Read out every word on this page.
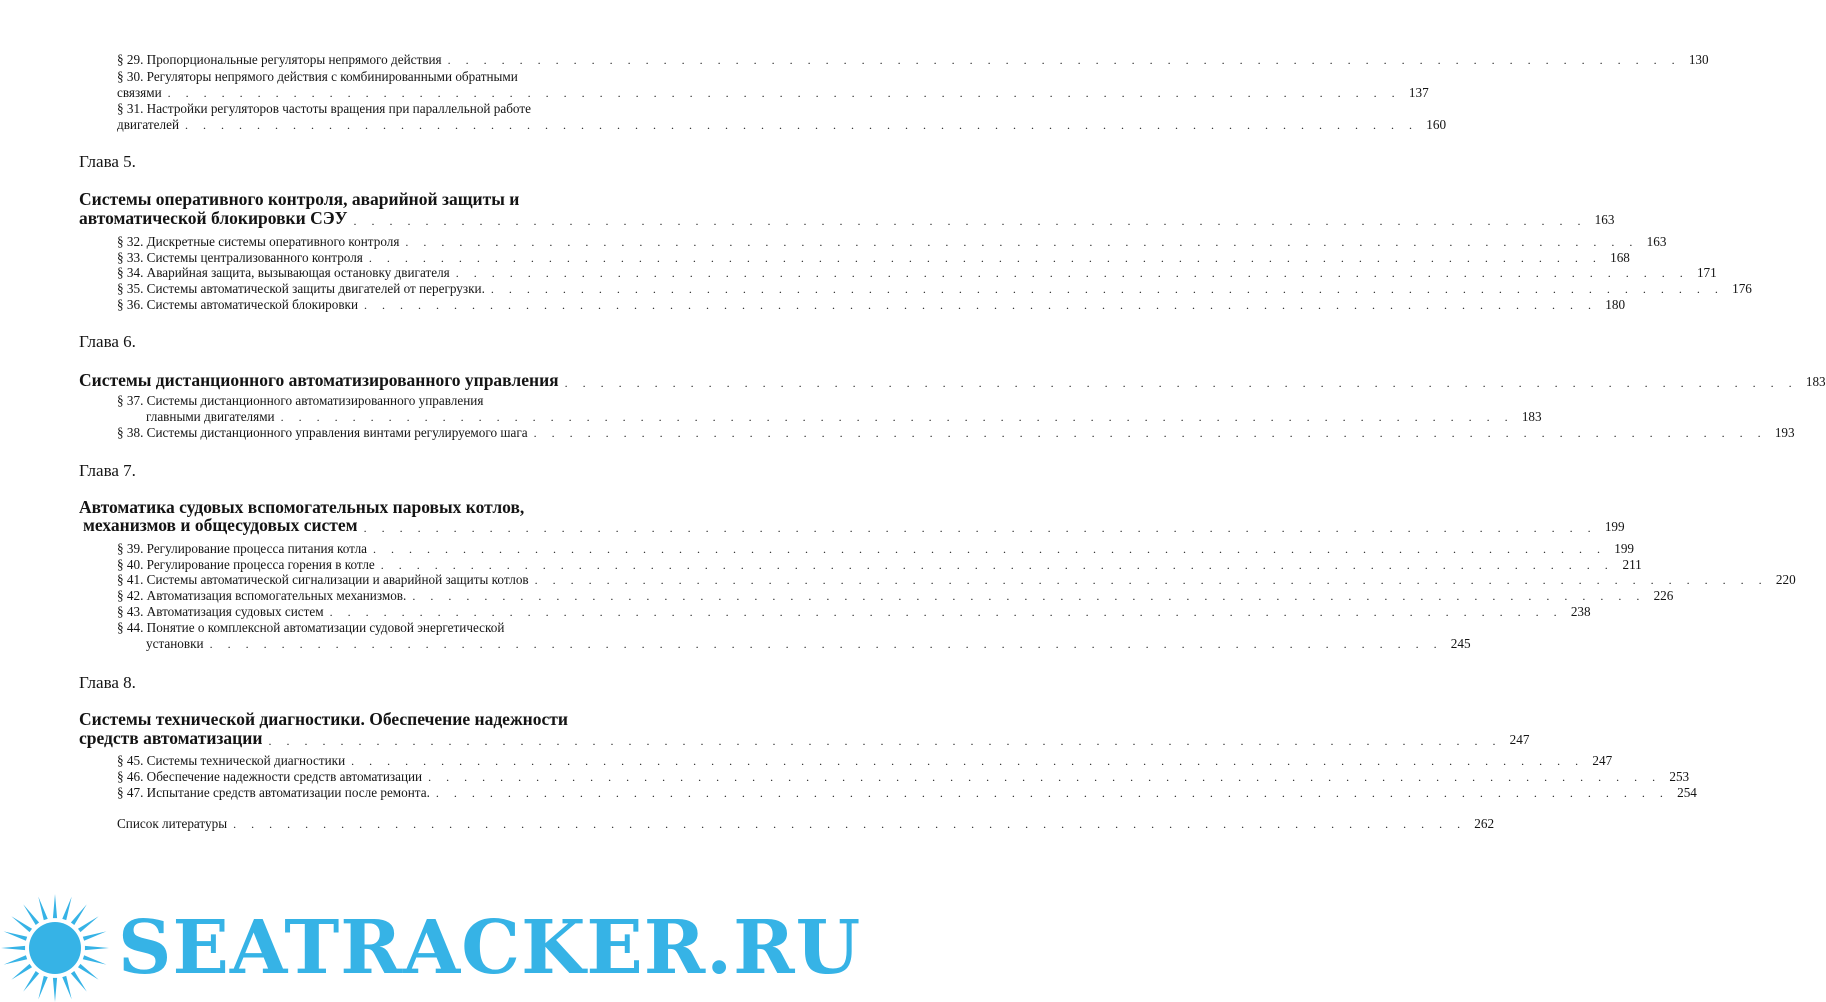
§ 29. Пропорциональные регуляторы непрямого действия . . . . . . . . . . . . . . . . . . . . . . . . . . . . . . . . . . . . . . . . . . . . . . . . . . . . . . . . . . . . . . . . . . . . . 130
§ 30. Регуляторы непрямого действия с комбинированными обратными
связями . . . . . . . . . . . . . . . . . . . . . . . . . . . . . . . . . . . . . . . . . . . . . . . . . . . . . . . . . . . . . . . . . . . . . 137
§ 31. Настройки регуляторов частоты вращения при параллельной работе
двигателей . . . . . . . . . . . . . . . . . . . . . . . . . . . . . . . . . . . . . . . . . . . . . . . . . . . . . . . . . . . . . . . . . . . . . 160
Глава 5.
Системы оперативного контроля, аварийной защиты и
автоматической блокировки СЭУ . . . . . . . . . . . . . . . . . . . . . . . . . . . . . . . . . . . . . . . . . . . . . . . . . . . . . . . . . . . . . . . . . . . . . 163
§ 32. Дискретные системы оперативного контроля . . . . . . . . . . . . . . . . . . . . . . . . . . . . . . . . . . . . . . . . . . . . . . . . . . . . . . . . . . . . . . . . . . . . . 163
§ 33. Системы централизованного контроля . . . . . . . . . . . . . . . . . . . . . . . . . . . . . . . . . . . . . . . . . . . . . . . . . . . . . . . . . . . . . . . . . . . . . 168
§ 34. Аварийная защита, вызывающая остановку двигателя . . . . . . . . . . . . . . . . . . . . . . . . . . . . . . . . . . . . . . . . . . . . . . . . . . . . . . . . . . . . . . . . . . . . . 171
§ 35. Системы автоматической защиты двигателей от перегрузки. . . . . . . . . . . . . . . . . . . . . . . . . . . . . . . . . . . . . . . . . . . . . . . . . . . . . . . . . . . . . . . . . . . . . . 176
§ 36. Системы автоматической блокировки . . . . . . . . . . . . . . . . . . . . . . . . . . . . . . . . . . . . . . . . . . . . . . . . . . . . . . . . . . . . . . . . . . . . . 180
Глава 6.
Системы дистанционного автоматизированного управления . . . . . . . . . . . . . . . . . . . . . . . . . . . . . . . . . . . . . . . . . . . . . . . . . . . . . . . . . . . . . . . . . . . . . 183
§ 37. Системы дистанционного автоматизированного управления
главными двигателями . . . . . . . . . . . . . . . . . . . . . . . . . . . . . . . . . . . . . . . . . . . . . . . . . . . . . . . . . . . . . . . . . . . . . 183
§ 38. Системы дистанционного управления винтами регулируемого шага . . . . . . . . . . . . . . . . . . . . . . . . . . . . . . . . . . . . . . . . . . . . . . . . . . . . . . . . . . . . . . . . . . . . . 193
Глава 7.
Автоматика судовых вспомогательных паровых котлов,
механизмов и общесудовых систем . . . . . . . . . . . . . . . . . . . . . . . . . . . . . . . . . . . . . . . . . . . . . . . . . . . . . . . . . . . . . . . . . . . . . 199
§ 39. Регулирование процесса питания котла . . . . . . . . . . . . . . . . . . . . . . . . . . . . . . . . . . . . . . . . . . . . . . . . . . . . . . . . . . . . . . . . . . . . . 199
§ 40. Регулирование процесса горения в котле . . . . . . . . . . . . . . . . . . . . . . . . . . . . . . . . . . . . . . . . . . . . . . . . . . . . . . . . . . . . . . . . . . . . . 211
§ 41. Системы автоматической сигнализации и аварийной защиты котлов . . . . . . . . . . . . . . . . . . . . . . . . . . . . . . . . . . . . . . . . . . . . . . . . . . . . . . . . . . . . . . . . . . . . . 220
§ 42. Автоматизация вспомогательных механизмов. . . . . . . . . . . . . . . . . . . . . . . . . . . . . . . . . . . . . . . . . . . . . . . . . . . . . . . . . . . . . . . . . . . . . . 226
§ 43. Автоматизация судовых систем . . . . . . . . . . . . . . . . . . . . . . . . . . . . . . . . . . . . . . . . . . . . . . . . . . . . . . . . . . . . . . . . . . . . . 238
§ 44. Понятие о комплексной автоматизации судовой энергетической
установки . . . . . . . . . . . . . . . . . . . . . . . . . . . . . . . . . . . . . . . . . . . . . . . . . . . . . . . . . . . . . . . . . . . . . 245
Глава 8.
Системы технической диагностики. Обеспечение надежности
средств автоматизации . . . . . . . . . . . . . . . . . . . . . . . . . . . . . . . . . . . . . . . . . . . . . . . . . . . . . . . . . . . . . . . . . . . . . 247
§ 45. Системы технической диагностики . . . . . . . . . . . . . . . . . . . . . . . . . . . . . . . . . . . . . . . . . . . . . . . . . . . . . . . . . . . . . . . . . . . . . 247
§ 46. Обеспечение надежности средств автоматизации . . . . . . . . . . . . . . . . . . . . . . . . . . . . . . . . . . . . . . . . . . . . . . . . . . . . . . . . . . . . . . . . . . . . . 253
§ 47. Испытание средств автоматизации после ремонта. . . . . . . . . . . . . . . . . . . . . . . . . . . . . . . . . . . . . . . . . . . . . . . . . . . . . . . . . . . . . . . . . . . . . . 254
Список литературы . . . . . . . . . . . . . . . . . . . . . . . . . . . . . . . . . . . . . . . . . . . . . . . . . . . . . . . . . . . . . . . . . . . . . 262
SEATRACKER.RU
